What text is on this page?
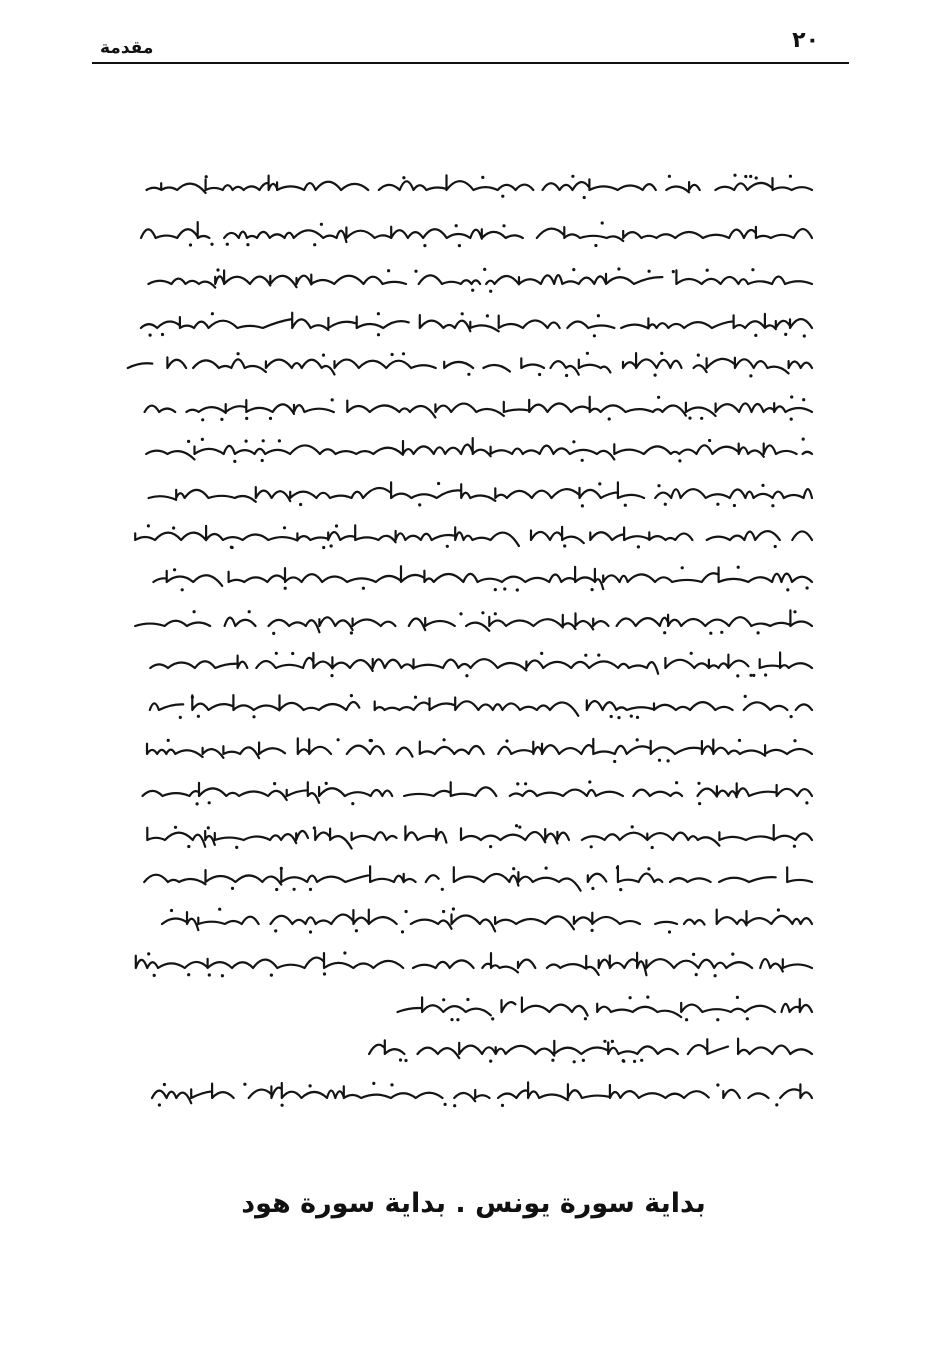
٢٠
مقدمة
بداية سورة يونس . بداية سورة هود
